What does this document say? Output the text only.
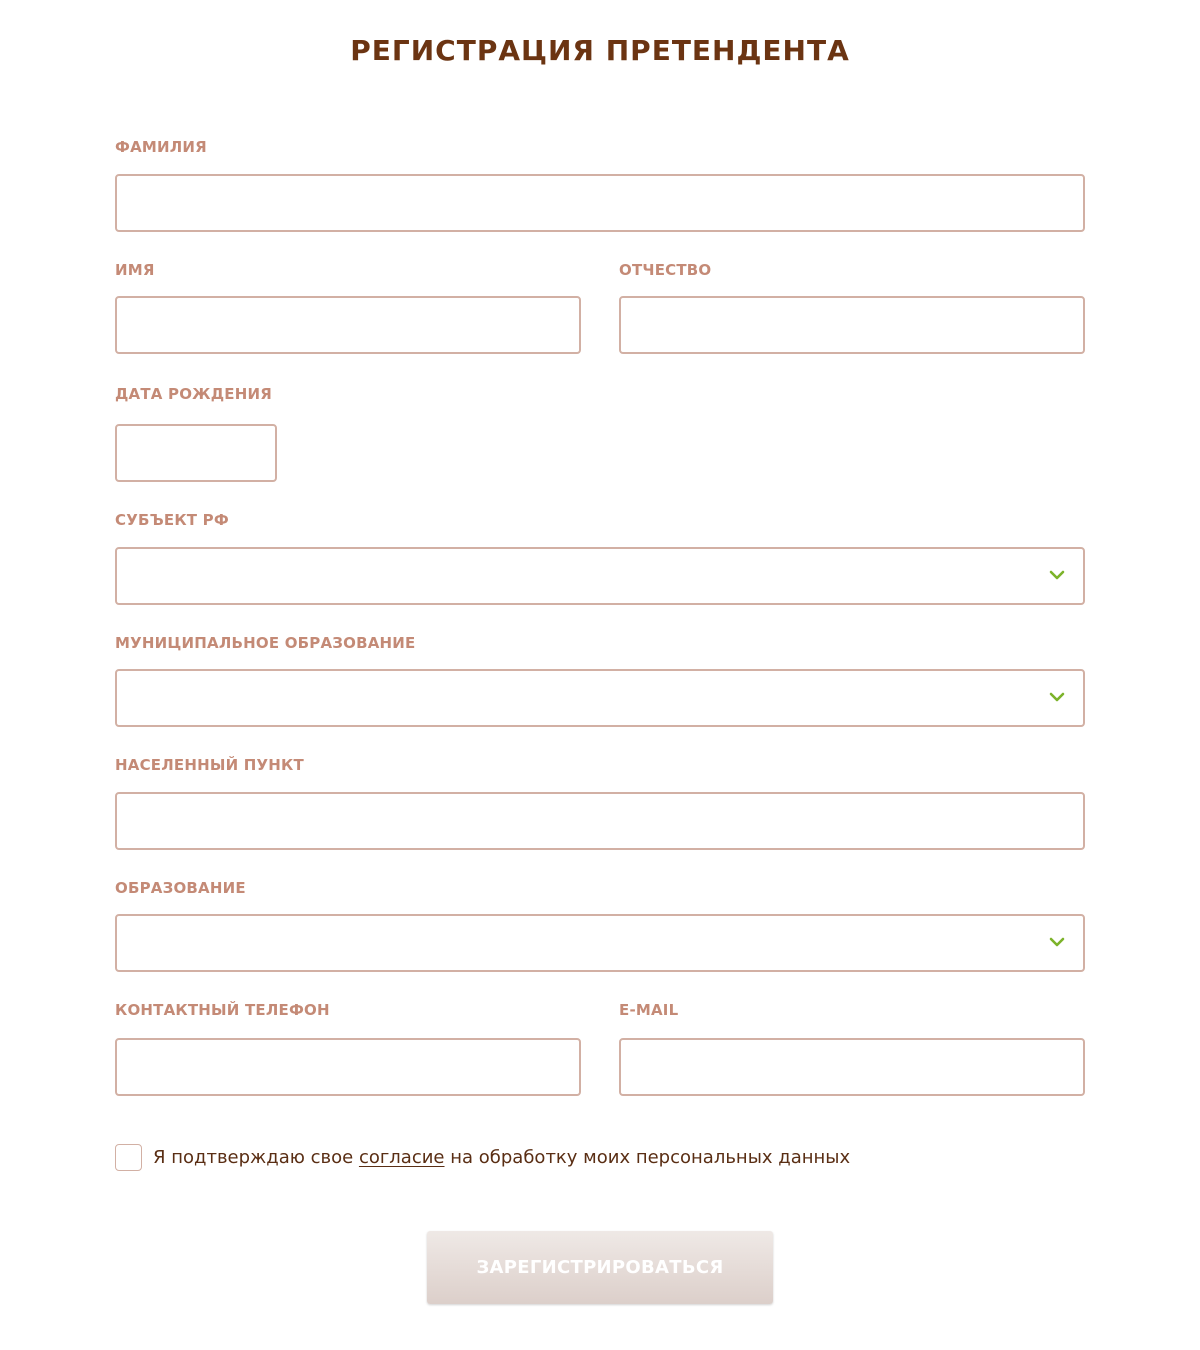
РЕГИСТРАЦИЯ ПРЕТЕНДЕНТА
ФАМИЛИЯ
ИМЯ	ОТЧЕСТВО
ДАТА РОЖДЕНИЯ
СУБЪЕКТ РФ
МУНИЦИПАЛЬНОЕ ОБРАЗОВАНИЕ
НАСЕЛЕННЫЙ ПУНКТ
ОБРАЗОВАНИЕ
КОНТАКТНЫЙ ТЕЛЕФОН	E-MAIL
Я подтверждаю свое согласие на обработку моих персональных данных
ЗАРЕГИСТРИРОВАТЬСЯ
